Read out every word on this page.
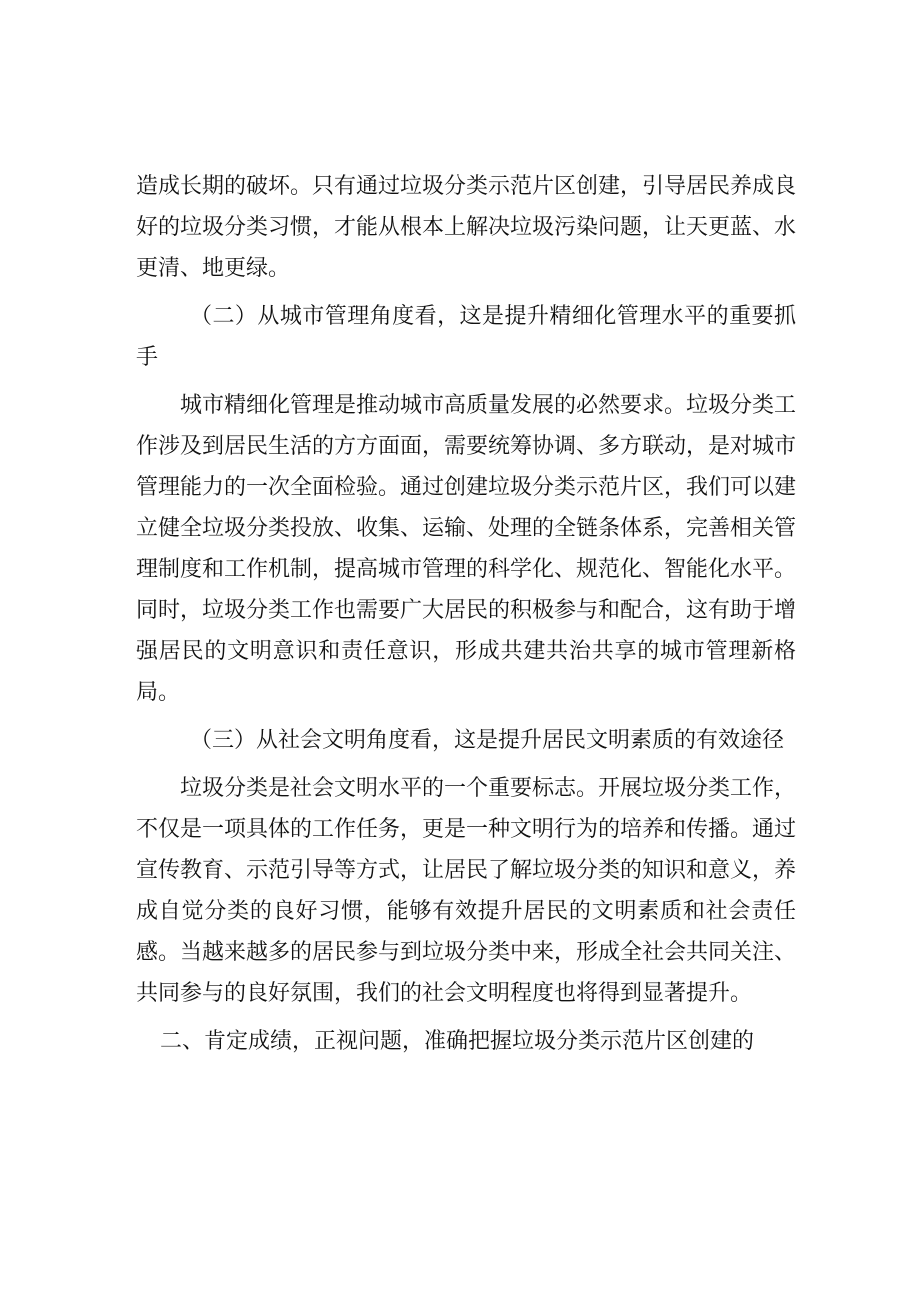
造成长期的破坏。只有通过垃圾分类示范片区创建，引导居民养成良好的垃圾分类习惯，才能从根本上解决垃圾污染问题，让天更蓝、水更清、地更绿。

（二）从城市管理角度看，这是提升精细化管理水平的重要抓手

城市精细化管理是推动城市高质量发展的必然要求。垃圾分类工作涉及到居民生活的方方面面，需要统筹协调、多方联动，是对城市管理能力的一次全面检验。通过创建垃圾分类示范片区，我们可以建立健全垃圾分类投放、收集、运输、处理的全链条体系，完善相关管理制度和工作机制，提高城市管理的科学化、规范化、智能化水平。同时，垃圾分类工作也需要广大居民的积极参与和配合，这有助于增强居民的文明意识和责任意识，形成共建共治共享的城市管理新格局。

（三）从社会文明角度看，这是提升居民文明素质的有效途径

垃圾分类是社会文明水平的一个重要标志。开展垃圾分类工作，不仅是一项具体的工作任务，更是一种文明行为的培养和传播。通过宣传教育、示范引导等方式，让居民了解垃圾分类的知识和意义，养成自觉分类的良好习惯，能够有效提升居民的文明素质和社会责任感。当越来越多的居民参与到垃圾分类中来，形成全社会共同关注、共同参与的良好氛围，我们的社会文明程度也将得到显著提升。

二、肯定成绩，正视问题，准确把握垃圾分类示范片区创建的
